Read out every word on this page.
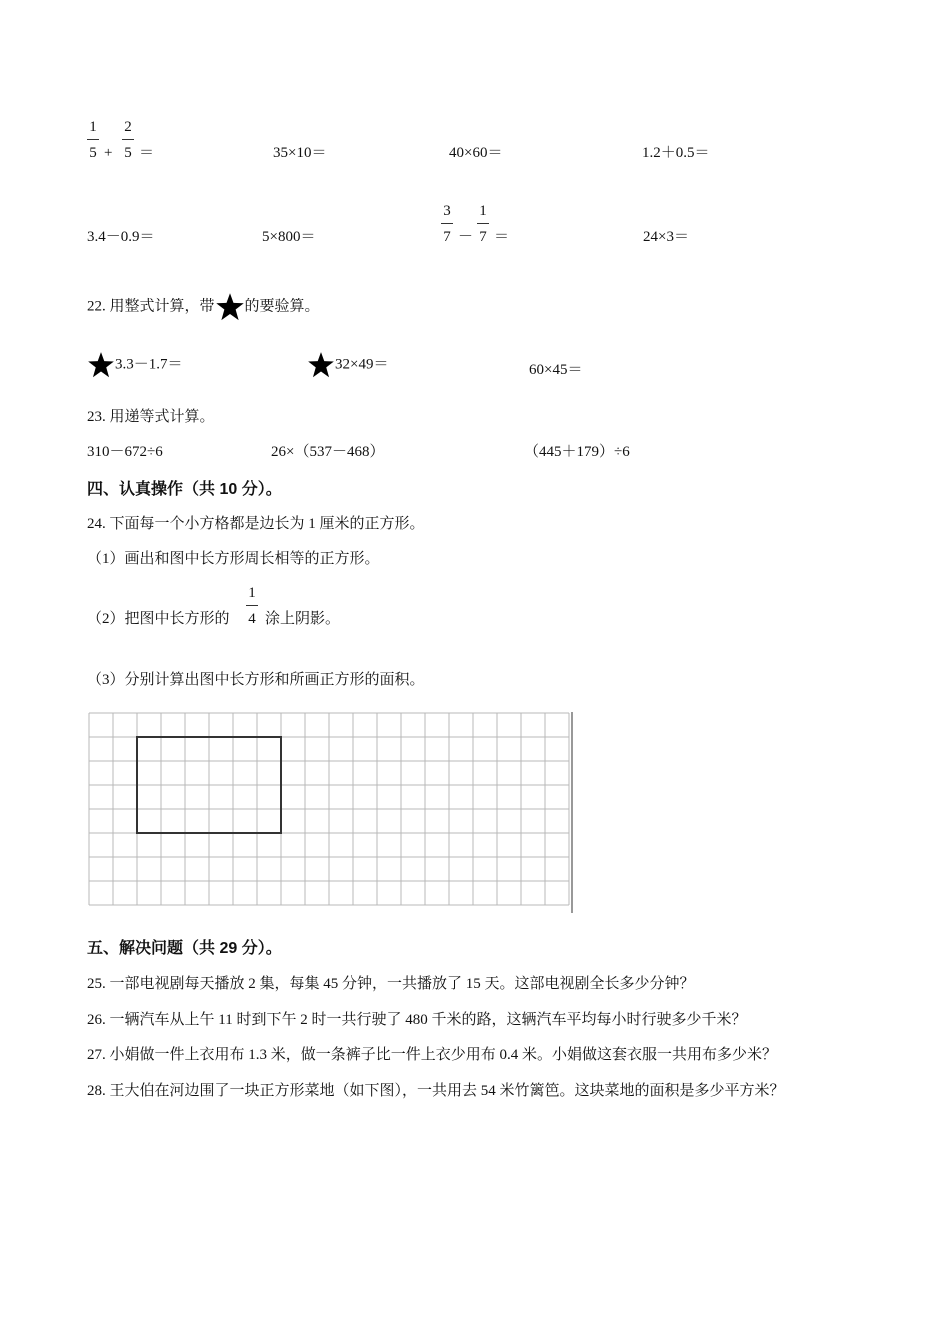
1
5 +
2
5 ＝	35×10＝	40×60＝	1.2＋0.5＝
3.4－0.9＝	5×800＝
3
7 －
1
7 ＝	24×3＝
22. 用整式计算，带 的要验算。
3.3－1.7＝	32×49＝	60×45＝
23. 用递等式计算。
310－672÷6	26×（537－468）	（445＋179）÷6
四、认真操作（共 10 分）。
24. 下面每一个小方格都是边长为 1 厘米的正方形。
（1）画出和图中长方形周长相等的正方形。
（2）把图中长方形的
1
4 涂上阴影。
（3）分别计算出图中长方形和所画正方形的面积。
五、解决问题（共 29 分）。
25. 一部电视剧每天播放 2 集，每集 45 分钟，一共播放了 15 天。这部电视剧全长多少分钟？
26. 一辆汽车从上午 11 时到下午 2 时一共行驶了 480 千米的路，这辆汽车平均每小时行驶多少千米？
27. 小娟做一件上衣用布 1.3 米，做一条裤子比一件上衣少用布 0.4 米。小娟做这套衣服一共用布多少米？
28. 王大伯在河边围了一块正方形菜地（如下图），一共用去 54 米竹篱笆。这块菜地的面积是多少平方米？
